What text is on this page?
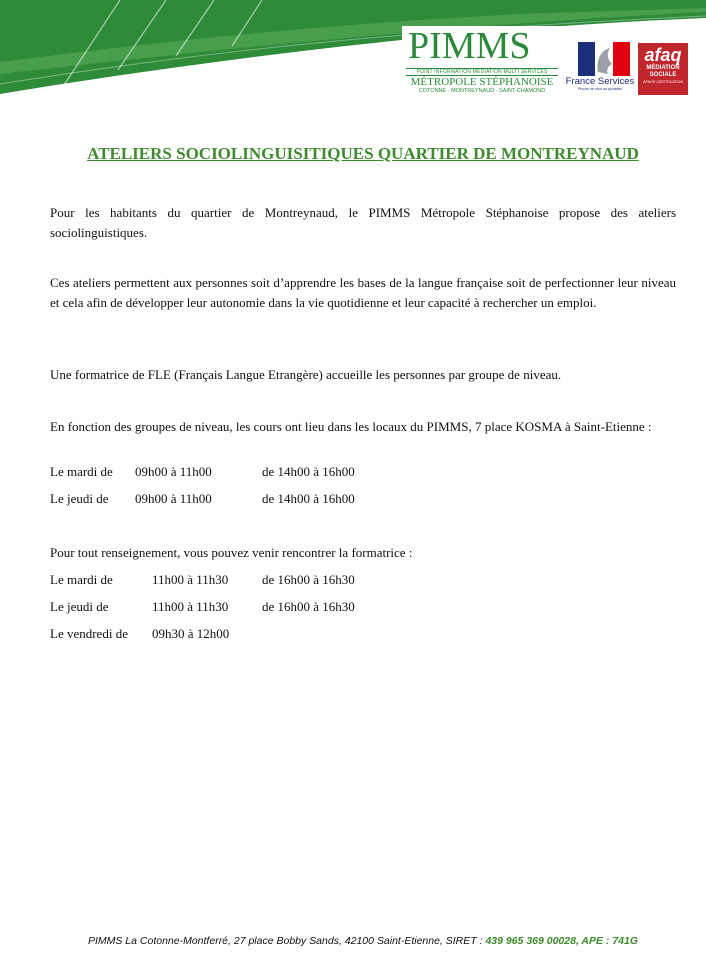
PIMMS
POINT INFORMATION MÉDIATION MULTI SERVICES
MÉTROPOLE STÉPHANOISE
COTONNE · MONTREYNAUD · SAINT-CHAMOND
France Services
Proche de vous au quotidien
afaq
MÉDIATION SOCIALE
AFNOR CERTIFICATION
ATELIERS SOCIOLINGUISITIQUES QUARTIER DE MONTREYNAUD
Pour les habitants du quartier de Montreynaud, le PIMMS Métropole Stéphanoise propose des ateliers sociolinguistiques.
Ces ateliers permettent aux personnes soit d’apprendre les bases de la langue française soit de perfectionner leur niveau et cela afin de développer leur autonomie dans la vie quotidienne et leur capacité à rechercher un emploi.
Une formatrice de FLE (Français Langue Etrangère) accueille les personnes par groupe de niveau.
En fonction des groupes de niveau, les cours ont lieu dans les locaux du PIMMS, 7 place KOSMA à Saint-Etienne :
Le mardi de 09h00 à 11h00	de 14h00 à 16h00
Le jeudi de 09h00 à 11h00	de 14h00 à 16h00
Pour tout renseignement, vous pouvez venir rencontrer la formatrice :
Le mardi de	11h00 à 11h30	de 16h00 à 16h30
Le jeudi de	11h00 à 11h30	de 16h00 à 16h30
Le vendredi de 09h30 à 12h00
PIMMS La Cotonne-Montferré, 27 place Bobby Sands, 42100 Saint-Etienne, SIRET : 439 965 369 00028, APE : 741G
